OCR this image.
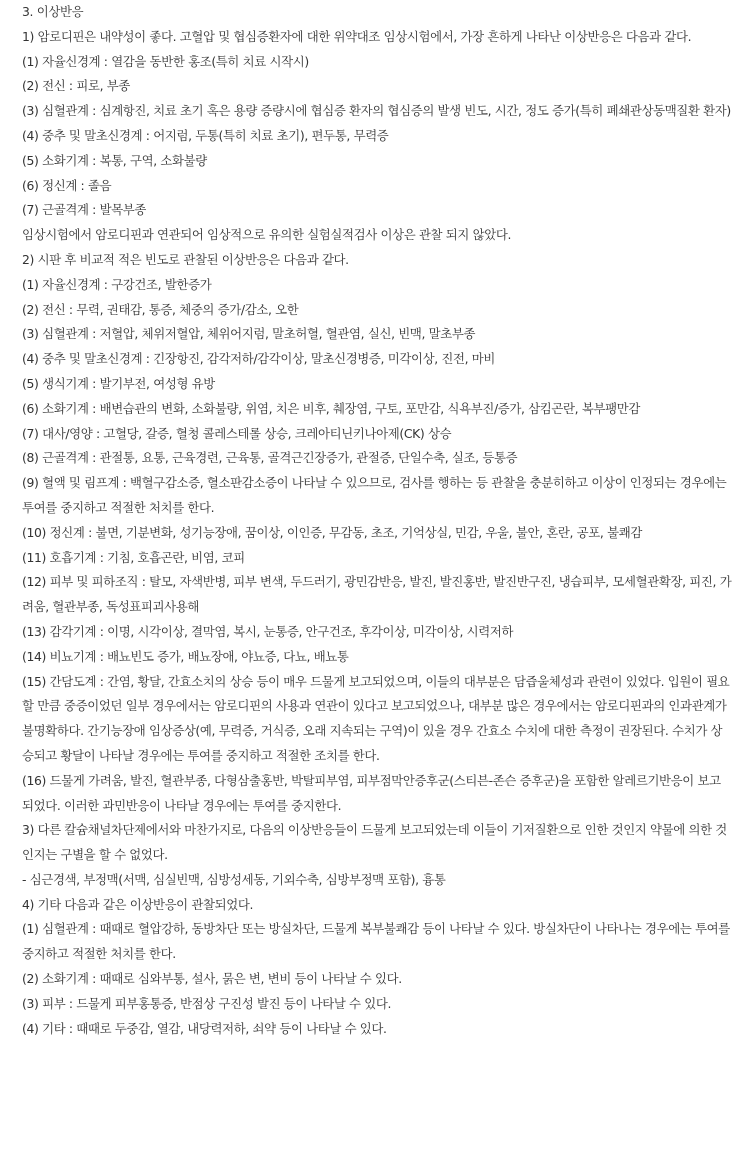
3. 이상반응

1) 암로디핀은 내약성이 좋다. 고혈압 및 협심증환자에 대한 위약대조 임상시험에서, 가장 흔하게 나타난 이상반응은 다음과 같다.

(1) 자율신경계 : 열감을 동반한 홍조(특히 치료 시작시)

(2) 전신 : 피로, 부종

(3) 심혈관계 : 심계항진, 치료 초기 혹은 용량 증량시에 협심증 환자의 협심증의 발생 빈도, 시간, 정도 증가(특히 폐쇄관상동맥질환 환자)

(4) 중추 및 말초신경계 : 어지럼, 두통(특히 치료 초기), 편두통, 무력증

(5) 소화기계 : 복통, 구역, 소화불량

(6) 정신계 : 졸음

(7) 근골격계 : 발목부종

임상시험에서 암로디핀과 연관되어 임상적으로 유의한 실험실적검사 이상은 관찰 되지 않았다.

2) 시판 후 비교적 적은 빈도로 관찰된 이상반응은 다음과 같다.

(1) 자율신경계 : 구강건조, 발한증가

(2) 전신 : 무력, 권태감, 통증, 체중의 증가/감소, 오한

(3) 심혈관계 : 저혈압, 체위저혈압, 체위어지럼, 말초허혈, 혈관염, 실신, 빈맥, 말초부종

(4) 중추 및 말초신경계 : 긴장항진, 감각저하/감각이상, 말초신경병증, 미각이상, 진전, 마비

(5) 생식기계 : 발기부전, 여성형 유방

(6) 소화기계 : 배변습관의 변화, 소화불량, 위염, 치은 비후, 췌장염, 구토, 포만감, 식욕부진/증가, 삼킴곤란, 복부팽만감

(7) 대사/영양 : 고혈당, 갈증, 혈청 콜레스테롤 상승, 크레아티닌키나아제(CK) 상승

(8) 근골격계 : 관절통, 요통, 근육경련, 근육통, 골격근긴장증가, 관절증, 단일수축, 실조, 등통증

(9) 혈액 및 림프계 : 백혈구감소증, 혈소판감소증이 나타날 수 있으므로, 검사를 행하는 등 관찰을 충분히하고 이상이 인정되는 경우에는 투여를 중지하고 적절한 처치를 한다.

(10) 정신계 : 불면, 기분변화, 성기능장애, 꿈이상, 이인증, 무감동, 초조, 기억상실, 민감, 우울, 불안, 혼란, 공포, 불쾌감

(11) 호흡기계 : 기침, 호흡곤란, 비염, 코피

(12) 피부 및 피하조직 : 탈모, 자색반병, 피부 변색, 두드러기, 광민감반응, 발진, 발진홍반, 발진반구진, 냉습피부, 모세혈관확장, 피진, 가려움, 혈관부종, 독성표피괴사용해

(13) 감각기계 : 이명, 시각이상, 결막염, 복시, 눈통증, 안구건조, 후각이상, 미각이상, 시력저하

(14) 비뇨기계 : 배뇨빈도 증가, 배뇨장애, 야뇨증, 다뇨, 배뇨통

(15) 간담도계 : 간염, 황달, 간효소치의 상승 등이 매우 드물게 보고되었으며, 이들의 대부분은 담즙울체성과 관련이 있었다. 입원이 필요할 만큼 중증이었던 일부 경우에서는 암로디핀의 사용과 연관이 있다고 보고되었으나, 대부분 많은 경우에서는 암로디핀과의 인과관계가 불명확하다. 간기능장애 임상증상(예, 무력증, 거식증, 오래 지속되는 구역)이 있을 경우 간효소 수치에 대한 측정이 권장된다. 수치가 상승되고 황달이 나타날 경우에는 투여를 중지하고 적절한 조치를 한다.

(16) 드물게 가려움, 발진, 혈관부종, 다형삼출홍반, 박탈피부염, 피부점막안증후군(스티븐-존슨 증후군)을 포함한 알레르기반응이 보고되었다. 이러한 과민반응이 나타날 경우에는 투여를 중지한다.

3) 다른 칼슘채널차단제에서와 마찬가지로, 다음의 이상반응들이 드물게 보고되었는데 이들이 기저질환으로 인한 것인지 약물에 의한 것인지는 구별을 할 수 없었다.

- 심근경색, 부정맥(서맥, 심실빈맥, 심방성세동, 기외수축, 심방부정맥 포함), 흉통

4) 기타 다음과 같은 이상반응이 관찰되었다.

(1) 심혈관계 : 때때로 혈압강하, 동방차단 또는 방실차단, 드물게 복부불쾌감 등이 나타날 수 있다. 방실차단이 나타나는 경우에는 투여를 중지하고 적절한 처치를 한다.

(2) 소화기계 : 때때로 심와부통, 설사, 묽은 변, 변비 등이 나타날 수 있다.

(3) 피부 : 드물게 피부홍통증, 반점상 구진성 발진 등이 나타날 수 있다.

(4) 기타 : 때때로 두중감, 열감, 내당력저하, 쇠약 등이 나타날 수 있다.
